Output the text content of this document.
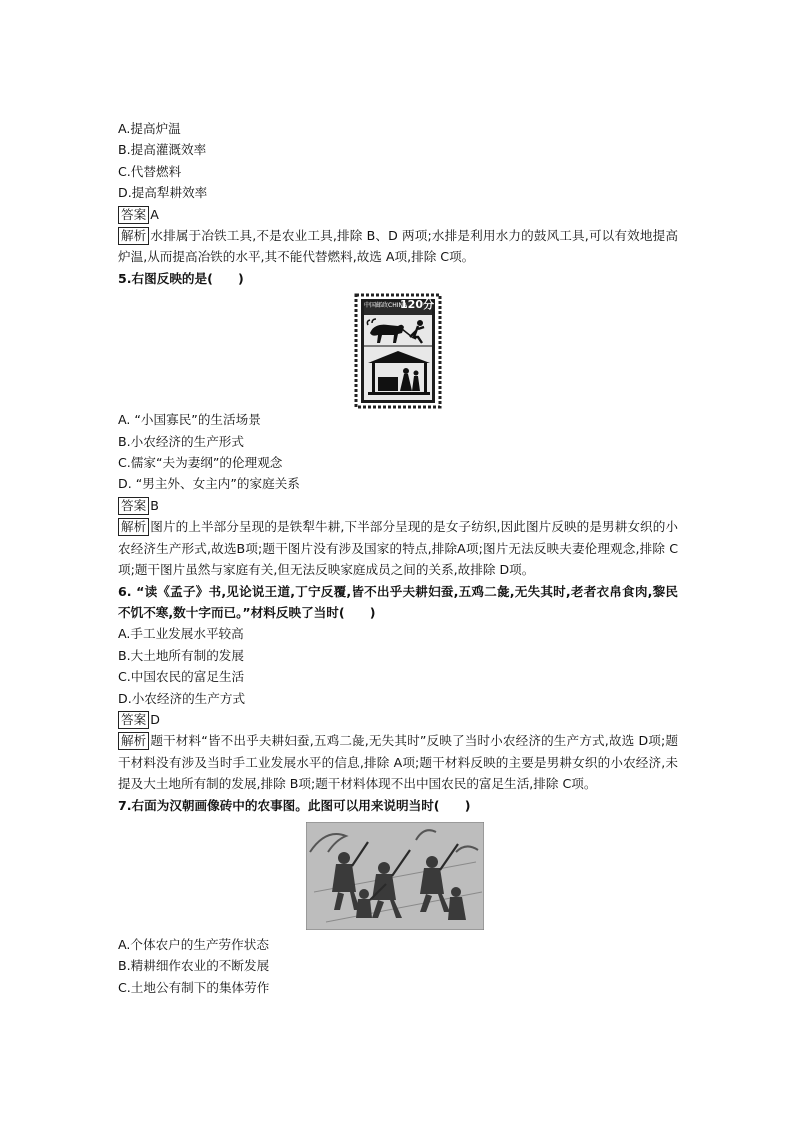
A.提高炉温
B.提高灌溉效率
C.代替燃料
D.提高犁耕效率
答案 A
解析 水排属于冶铁工具,不是农业工具,排除 B、D 两项;水排是利用水力的鼓风工具,可以有效地提高炉温,从而提高冶铁的水平,其不能代替燃料,故选 A项,排除 C项。
5.右图反映的是(　　)
中国邮政CHINA
120分
A. “小国寡民”的生活场景
B.小农经济的生产形式
C.儒家“夫为妻纲”的伦理观念
D. “男主外、女主内”的家庭关系
答案 B
解析 图片的上半部分呈现的是铁犁牛耕,下半部分呈现的是女子纺织,因此图片反映的是男耕女织的小农经济生产形式,故选B项;题干图片没有涉及国家的特点,排除A项;图片无法反映夫妻伦理观念,排除 C项;题干图片虽然与家庭有关,但无法反映家庭成员之间的关系,故排除 D项。
6. “读《孟子》书,见论说王道,丁宁反覆,皆不出乎夫耕妇蚕,五鸡二彘,无失其时,老者衣帛食肉,黎民不饥不寒,数十字而已。”材料反映了当时(　　)
A.手工业发展水平较高
B.大土地所有制的发展
C.中国农民的富足生活
D.小农经济的生产方式
答案 D
解析 题干材料“皆不出乎夫耕妇蚕,五鸡二彘,无失其时”反映了当时小农经济的生产方式,故选 D项;题干材料没有涉及当时手工业发展水平的信息,排除 A项;题干材料反映的主要是男耕女织的小农经济,未提及大土地所有制的发展,排除 B项;题干材料体现不出中国农民的富足生活,排除 C项。
7.右面为汉朝画像砖中的农事图。此图可以用来说明当时(　　)
A.个体农户的生产劳作状态
B.精耕细作农业的不断发展
C.土地公有制下的集体劳作
